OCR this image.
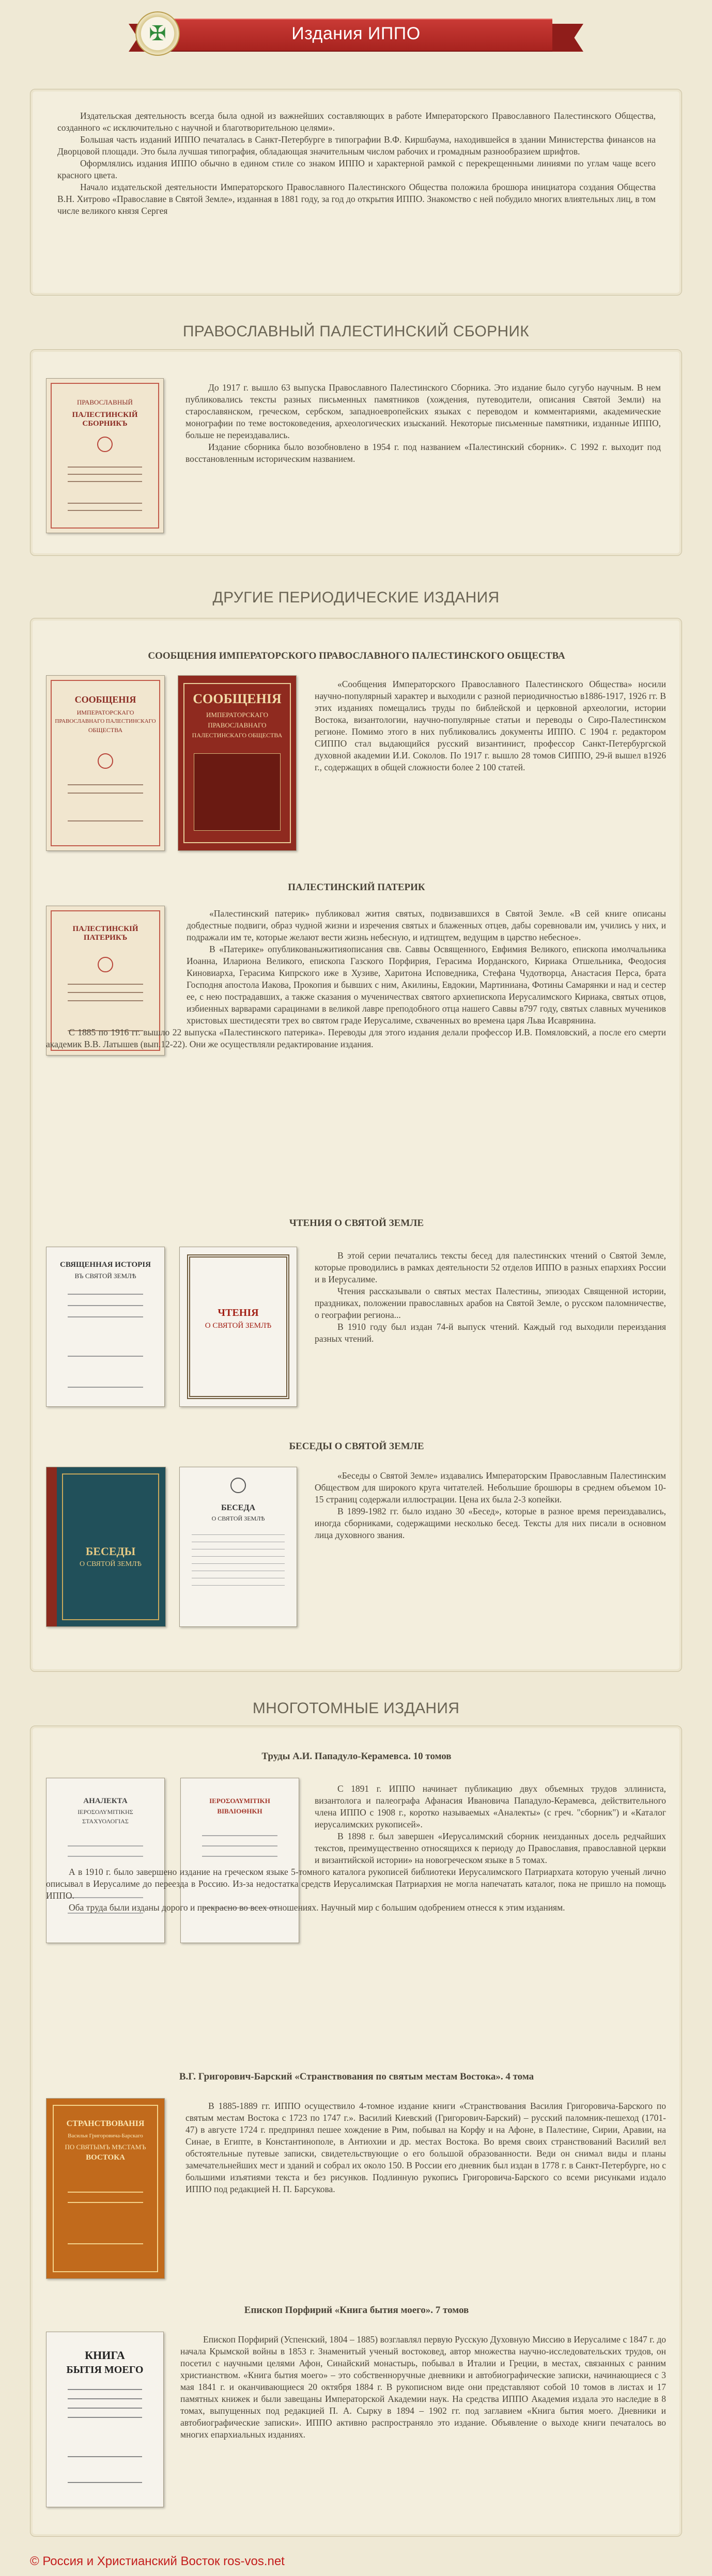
Издания ИППО
✠

Издательская деятельность всегда была одной из важнейших составляющих в работе Императорского Православного Палестинского Общества, созданного «с исключительно с научной и благотворительною целями».

Большая часть изданий ИППО печаталась в Санкт-Петербурге в типографии В.Ф. Киршбаума, находившейся в здании Министерства финансов на Дворцовой площади. Это была лучшая типография, обладающая значительным числом рабочих и громадным разнообразием шрифтов.

Оформлялись издания ИППО обычно в едином стиле со знаком ИППО и характерной рамкой с перекрещенными линиями по углам чаще всего красного цвета.

Начало издательской деятельности Императорского Православного Палестинского Общества положила брошюра инициатора создания Общества В.Н. Хитрово «Православие в Святой Земле», изданная в 1881 году, за год до открытия ИППО. Знакомство с ней побудило многих влиятельных лиц, в том числе великого князя Сергея

ПРАВОСЛАВНЫЙ ПАЛЕСТИНСКИЙ СБОРНИК
ПРАВОСЛАВНЫЙ
ПАЛЕСТИНСКІЙ СБОРНИКЪ

До 1917 г. вышло 63 выпуска Православного Палестинского Сборника. Это издание было сугубо научным. В нем публиковались тексты разных письменных памятников (хождения, путеводители, описания Святой Земли) на старославянском, греческом, сербском, западноевропейских языках с переводом и комментариями, академические монографии по теме востоковедения, археологических изысканий. Некоторые письменные памятники, изданные ИППО, больше не переиздавались.

Издание сборника было возобновлено в 1954 г. под названием «Палестинский сборник». С 1992 г. выходит под восстановленным историческим названием.

ДРУГИЕ ПЕРИОДИЧЕСКИЕ ИЗДАНИЯ
СООБЩЕНИЯ ИМПЕРАТОРСКОГО ПРАВОСЛАВНОГО ПАЛЕСТИНСКОГО ОБЩЕСТВА
СООБЩЕНІЯ
ИМПЕРАТОРСКАГО
ПРАВОСЛАВНАГО ПАЛЕСТИНСКАГО
ОБЩЕСТВА
СООБЩЕНІЯ
ИМПЕРАТОРСКАГО
ПРАВОСЛАВНАГО
ПАЛЕСТИНСКАГО ОБЩЕСТВА

«Сообщения Императорского Православного Палестинского Общества» носили научно-популярный характер и выходили с разной периодичностью в1886-1917, 1926 гг. В этих изданиях помещались труды по библейской и церковной археологии, истории Востока, византологии, научно-популярные статьи и переводы о Сиро-Палестинском регионе. Помимо этого в них публиковались документы ИППО. С 1904 г. редактором СИППО стал выдающийся русский византинист, профессор Санкт-Петербургской духовной академии И.И. Соколов. По 1917 г. вышло 28 томов СИППО, 29-й вышел в1926 г., содержащих в общей сложности более 2 100 статей.

ПАЛЕСТИНСКИЙ ПАТЕРИК
ПАЛЕСТИНСКІЙ ПАТЕРИКЪ

«Палестинский патерик» публиковал жития святых, подвизавшихся в Святой Земле. «В сей книге описаны добдестные подвиги, образ чудной жизни и изречения святых и блаженных отцев, дабы соревновали им, учились у них, и подражали им те, которые желают вести жизнь небесную, и идтищтем, ведущим в царство небесное».

В «Патерике» опубликованыжитияописания свв. Саввы Освященного, Евфимия Великого, епископа имолчальника Иоанна, Илариона Великого, епископа Газского Порфирия, Герасима Иорданского, Кириака Отшельника, Феодосия Киновиарха, Герасима Кипрского иже в Хузиве, Харитона Исповедника, Стефана Чудотворца, Анастасия Перса, брата Господня апостола Иакова, Прокопия и бывших с ним, Акилины, Евдокии, Мартиниана, Фотины Самарянки и над и сестер ее, с нею пострадавших, а также сказания о мученичествах святого архиепископа Иерусалимского Кириака, святых отцов, избиенных варварами сарацинами в великой лавре преподобного отца нашего Саввы в797 году, святых славных мучеников христовых шестидесяти трех во святом граде Иерусалиме, схваченных во времена царя Льва Исаврянина.

С 1885 по 1916 гг. вышло 22 выпуска «Палестинского патерика». Переводы для этого издания делали профессор И.В. Помяловский, а после его смерти академик В.В. Латышев (вып.12-22). Они же осуществляли редактирование издания.

ЧТЕНИЯ О СВЯТОЙ ЗЕМЛЕ
СВЯЩЕННАЯ ИСТОРІЯ
ВЪ СВЯТОЙ ЗЕМЛѢ
ЧТЕНІЯ
О СВЯТОЙ ЗЕМЛѢ

В этой серии печатались тексты бесед для палестинских чтений о Святой Земле, которые проводились в рамках деятельности 52 отделов ИППО в разных епархиях России и в Иерусалиме.

Чтения рассказывали о святых местах Палестины, эпизодах Священной истории, праздниках, положении православных арабов на Святой Земле, о русском паломничестве, о географии региона...

В 1910 году был издан 74-й выпуск чтений. Каждый год выходили переиздания разных чтений.

БЕСЕДЫ О СВЯТОЙ ЗЕМЛЕ
БЕСЕДЫ
О СВЯТОЙ ЗЕМЛѢ
БЕСЕДА
О СВЯТОЙ ЗЕМЛѢ

«Беседы о Святой Земле» издавались Императорским Православным Палестинским Обществом для широкого круга читателей. Небольшие брошюры в среднем объемом 10-15 страниц содержали иллюстрации. Цена их была 2-3 копейки.

В 1899-1982 гг. было издано 30 «Бесед», которые в разное время переиздавались, иногда сборниками, содержащими несколько бесед. Тексты для них писали в основном лица духовного звания.

МНОГОТОМНЫЕ ИЗДАНИЯ
Труды А.И. Пападуло-Керамевса. 10 томов
АНАЛЕКТА
ΙΕΡΟΣΟΛΥΜΙΤΙΚΗΣ
ΣΤΑΧΥΟΛΟΓΙΑΣ
ΙΕΡΟΣΟΛΥΜΙΤΙΚΗ
ΒΙΒΛΙΟΘΗΚΗ

С 1891 г. ИППО начинает публикацию двух объемных трудов эллиниста, византолога и палеографа Афанасия Ивановича Пападуло-Керамевса, действительного члена ИППО с 1908 г., коротко называемых «Аналекты» (с греч. "сборник") и «Каталог иерусалимских рукописей».

В 1898 г. был завершен «Иерусалимский сборник неизданных досель редчайших текстов, преимущественно относящихся к периоду до Православия, православной церкви и византийской истории» на новогреческом языке в 5 томах.

А в 1910 г. было завершено издание на греческом языке 5-томного каталога рукописей библиотеки Иерусалимского Патриархата которую ученый лично описывал в Иерусалиме до переезда в Россию. Из-за недостатка средств Иерусалимская Патриархия не могла напечатать каталог, пока не пришло на помощь ИППО.

Оба труда были изданы дорого и прекрасно во всех отношениях. Научный мир с большим одобрением отнесся к этим изданиям.

В.Г. Григорович-Барский «Странствования по святым местам Востока». 4 тома
СТРАНСТВОВАНІЯ
Василья Григоровича-Барскаго
ПО СВЯТЫМЪ МѢСТАМЪ
ВОСТОКА

В 1885-1889 гг. ИППО осуществило 4-томное издание книги «Странствования Василия Григоровича-Барского по святым местам Востока с 1723 по 1747 г.». Василий Киевский (Григорович-Барский) – русский паломник-пешеход (1701-47) в августе 1724 г. предпринял пешее хождение в Рим, побывал на Корфу и на Афоне, в Палестине, Сирии, Аравии, на Синае, в Египте, в Константинополе, в Антиохии и др. местах Востока. Во время своих странствований Василий вел обстоятельные путевые записки, свидетельствующие о его большой образованности. Веди он снимал виды и планы замечательнейших мест и зданий и собрал их около 150. В России его дневник был издан в 1778 г. в Санкт-Петербурге, но с большими изъятиями текста и без рисунков. Подлинную рукопись Григоровича-Барского со всеми рисунками издало ИППО под редакцией Н. П. Барсукова.

Епископ Порфирий «Книга бытия моего». 7 томов
КНИГА
БЫТІЯ МОЕГО

Епископ Порфирий (Успенский, 1804 – 1885) возглавлял первую Русскую Духовную Миссию в Иерусалиме с 1847 г. до начала Крымской войны в 1853 г. Знаменитый ученый востоковед, автор множества научно-исследовательских трудов, он посетил с научными целями Афон, Синайский монастырь, побывал в Италии и Греции, в местах, связанных с ранним христианством. «Книга бытия моего» – это собственноручные дневники и автобиографические записки, начинающиеся с 3 мая 1841 г. и оканчивающиеся 20 октября 1884 г. В рукописном виде они представляют собой 10 томов в листах и 17 памятных книжек и были завещаны Императорской Академии наук. На средства ИППО Академия издала это наследие в 8 томах, выпущенных под редакцией П. А. Сырку в 1894 – 1902 гг. под заглавием «Книга бытия моего. Дневники и автобиографические записки». ИППО активно распространяло это издание. Объявление о выходе книги печаталось во многих епархиальных изданиях.

© Россия и Христианский Восток ros-vos.net
